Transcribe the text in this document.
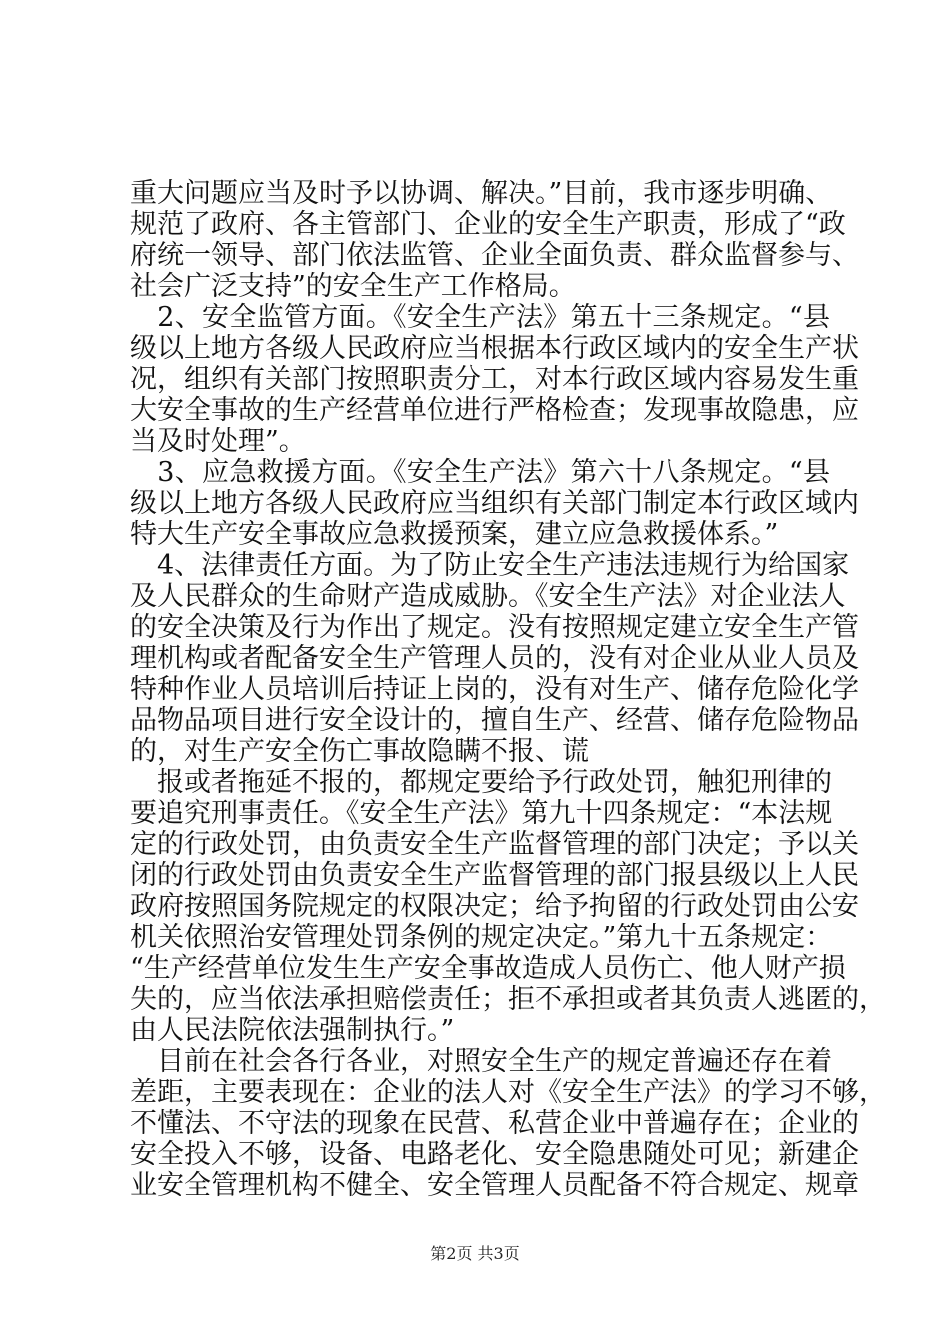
重大问题应当及时予以协调、解决。”目前，我市逐步明确、
规范了政府、各主管部门、企业的安全生产职责，形成了“政
府统一领导、部门依法监管、企业全面负责、群众监督参与、
社会广泛支持”的安全生产工作格局。
　2、安全监管方面。《安全生产法》第五十三条规定。“县
级以上地方各级人民政府应当根据本行政区域内的安全生产状
况，组织有关部门按照职责分工，对本行政区域内容易发生重
大安全事故的生产经营单位进行严格检查；发现事故隐患，应
当及时处理”。
　3、应急救援方面。《安全生产法》第六十八条规定。“县
级以上地方各级人民政府应当组织有关部门制定本行政区域内
特大生产安全事故应急救援预案，建立应急救援体系。”
　4、法律责任方面。为了防止安全生产违法违规行为给国家
及人民群众的生命财产造成威胁。《安全生产法》对企业法人
的安全决策及行为作出了规定。没有按照规定建立安全生产管
理机构或者配备安全生产管理人员的，没有对企业从业人员及
特种作业人员培训后持证上岗的，没有对生产、储存危险化学
品物品项目进行安全设计的，擅自生产、经营、储存危险物品
的，对生产安全伤亡事故隐瞒不报、谎
　报或者拖延不报的，都规定要给予行政处罚，触犯刑律的
要追究刑事责任。《安全生产法》第九十四条规定：“本法规
定的行政处罚，由负责安全生产监督管理的部门决定；予以关
闭的行政处罚由负责安全生产监督管理的部门报县级以上人民
政府按照国务院规定的权限决定；给予拘留的行政处罚由公安
机关依照治安管理处罚条例的规定决定。”第九十五条规定：
“生产经营单位发生生产安全事故造成人员伤亡、他人财产损
失的，应当依法承担赔偿责任；拒不承担或者其负责人逃匿的，
由人民法院依法强制执行。”
　目前在社会各行各业，对照安全生产的规定普遍还存在着
差距，主要表现在：企业的法人对《安全生产法》的学习不够，
不懂法、不守法的现象在民营、私营企业中普遍存在；企业的
安全投入不够，设备、电路老化、安全隐患随处可见；新建企
业安全管理机构不健全、安全管理人员配备不符合规定、规章
第2页 共3页
